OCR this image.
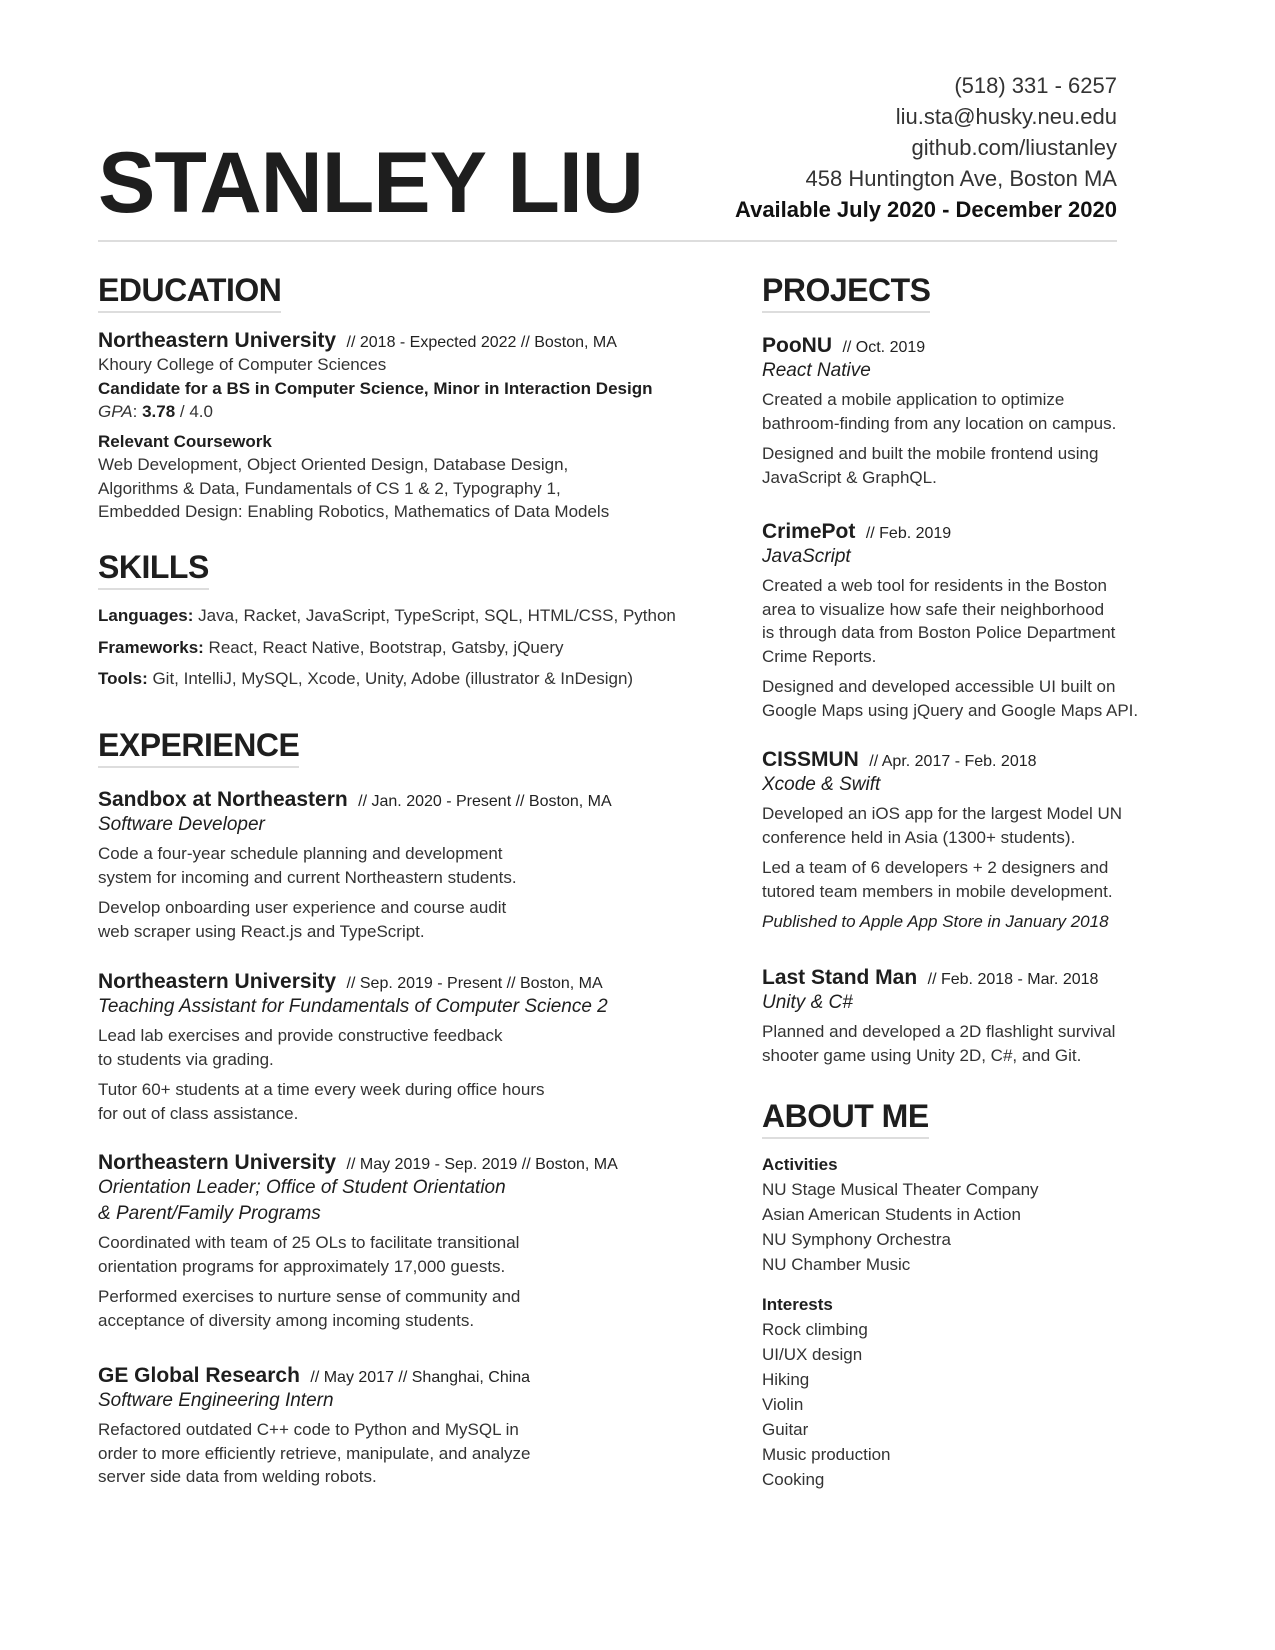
STANLEY LIU
(518) 331 - 6257
liu.sta@husky.neu.edu
github.com/liustanley
458 Huntington Ave, Boston MA
Available July 2020 - December 2020
EDUCATION
Northeastern University // 2018 - Expected 2022 // Boston, MA
Khoury College of Computer Sciences
Candidate for a BS in Computer Science, Minor in Interaction Design
GPA: 3.78 / 4.0
Relevant Coursework
Web Development, Object Oriented Design, Database Design,
Algorithms & Data, Fundamentals of CS 1 & 2, Typography 1,
Embedded Design: Enabling Robotics, Mathematics of Data Models
SKILLS
Languages: Java, Racket, JavaScript, TypeScript, SQL, HTML/CSS, Python
Frameworks: React, React Native, Bootstrap, Gatsby, jQuery
Tools: Git, IntelliJ, MySQL, Xcode, Unity, Adobe (illustrator & InDesign)
EXPERIENCE
Sandbox at Northeastern // Jan. 2020 - Present // Boston, MA
Software Developer
Code a four-year schedule planning and development
system for incoming and current Northeastern students.
Develop onboarding user experience and course audit
web scraper using React.js and TypeScript.
Northeastern University // Sep. 2019 - Present // Boston, MA
Teaching Assistant for Fundamentals of Computer Science 2
Lead lab exercises and provide constructive feedback
to students via grading.
Tutor 60+ students at a time every week during office hours
for out of class assistance.
Northeastern University // May 2019 - Sep. 2019 // Boston, MA
Orientation Leader; Office of Student Orientation
& Parent/Family Programs
Coordinated with team of 25 OLs to facilitate transitional
orientation programs for approximately 17,000 guests.
Performed exercises to nurture sense of community and
acceptance of diversity among incoming students.
GE Global Research // May 2017 // Shanghai, China
Software Engineering Intern
Refactored outdated C++ code to Python and MySQL in
order to more efficiently retrieve, manipulate, and analyze
server side data from welding robots.
PROJECTS
PooNU // Oct. 2019
React Native
Created a mobile application to optimize
bathroom-finding from any location on campus.
Designed and built the mobile frontend using
JavaScript & GraphQL.
CrimePot // Feb. 2019
JavaScript
Created a web tool for residents in the Boston
area to visualize how safe their neighborhood
is through data from Boston Police Department
Crime Reports.
Designed and developed accessible UI built on
Google Maps using jQuery and Google Maps API.
CISSMUN // Apr. 2017 - Feb. 2018
Xcode & Swift
Developed an iOS app for the largest Model UN
conference held in Asia (1300+ students).
Led a team of 6 developers + 2 designers and
tutored team members in mobile development.
Published to Apple App Store in January 2018
Last Stand Man // Feb. 2018 - Mar. 2018
Unity & C#
Planned and developed a 2D flashlight survival
shooter game using Unity 2D, C#, and Git.
ABOUT ME
Activities
NU Stage Musical Theater Company
Asian American Students in Action
NU Symphony Orchestra
NU Chamber Music
Interests
Rock climbing
UI/UX design
Hiking
Violin
Guitar
Music production
Cooking
